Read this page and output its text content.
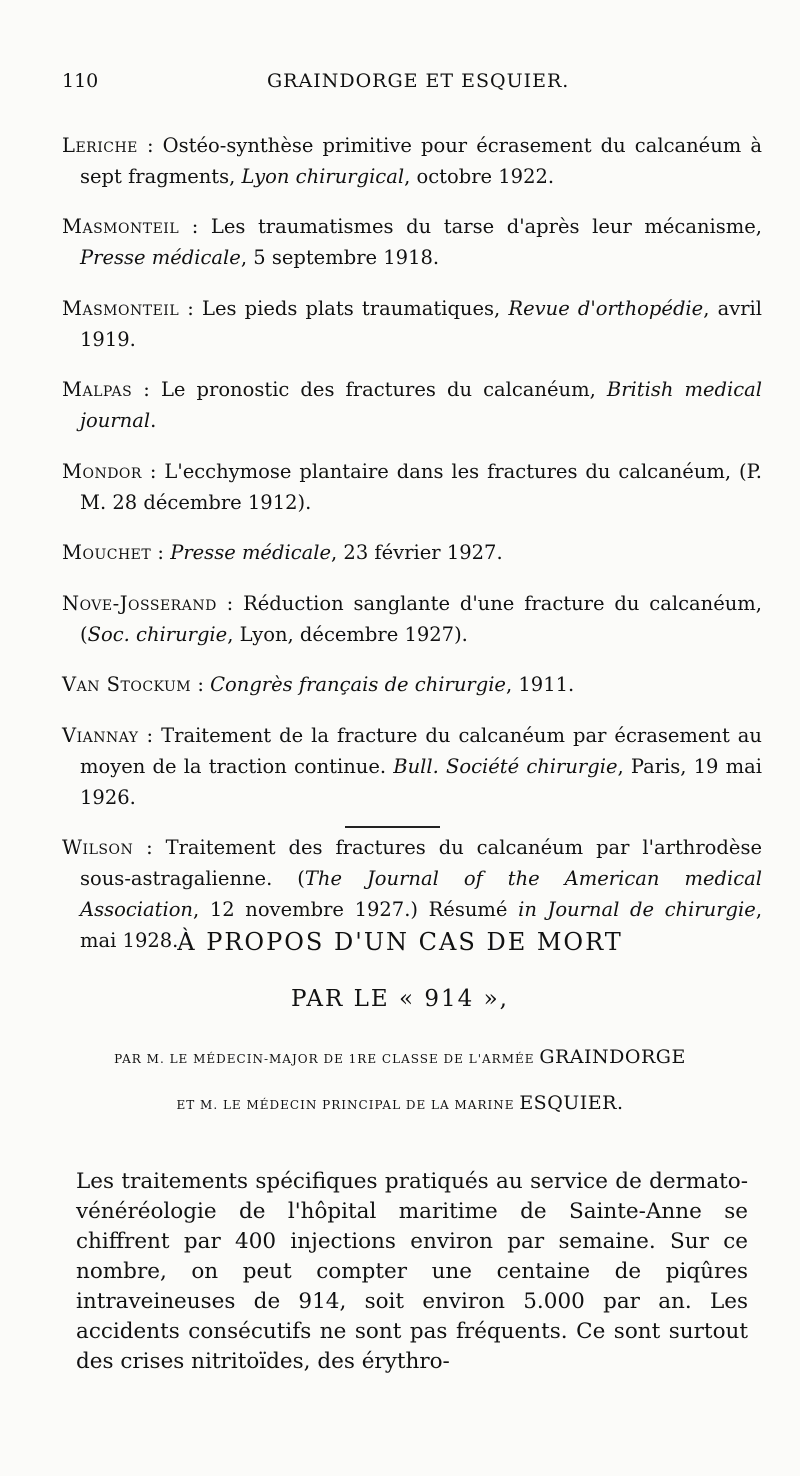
110	GRAINDORGE ET ESQUIER.

Leriche : Ostéo-synthèse primitive pour écrasement du calcanéum à sept fragments, Lyon chirurgical, octobre 1922.

Masmonteil : Les traumatismes du tarse d'après leur mécanisme, Presse médicale, 5 septembre 1918.

Masmonteil : Les pieds plats traumatiques, Revue d'orthopédie, avril 1919.

Malpas : Le pronostic des fractures du calcanéum, British medical journal.

Mondor : L'ecchymose plantaire dans les fractures du calcanéum, (P. M. 28 décembre 1912).

Mouchet : Presse médicale, 23 février 1927.

Nove-Josserand : Réduction sanglante d'une fracture du calcanéum, (Soc. chirurgie, Lyon, décembre 1927).

Van Stockum : Congrès français de chirurgie, 1911.

Viannay : Traitement de la fracture du calcanéum par écrasement au moyen de la traction continue. Bull. Société chirurgie, Paris, 19 mai 1926.

Wilson : Traitement des fractures du calcanéum par l'arthrodèse sous-astragalienne. (The Journal of the American medical Association, 12 novembre 1927.) Résumé in Journal de chirurgie, mai 1928.

À PROPOS D'UN CAS DE MORT
PAR LE « 914 »,
PAR M. LE MÉDECIN-MAJOR DE 1RE CLASSE DE L'ARMÉE GRAINDORGE
ET M. LE MÉDECIN PRINCIPAL DE LA MARINE ESQUIER.

Les traitements spécifiques pratiqués au service de dermato-vénéréologie de l'hôpital maritime de Sainte-Anne se chiffrent par 400 injections environ par semaine. Sur ce nombre, on peut compter une centaine de piqûres intraveineuses de 914, soit environ 5.000 par an. Les accidents consécutifs ne sont pas fréquents. Ce sont surtout des crises nitritoïdes, des érythro-
